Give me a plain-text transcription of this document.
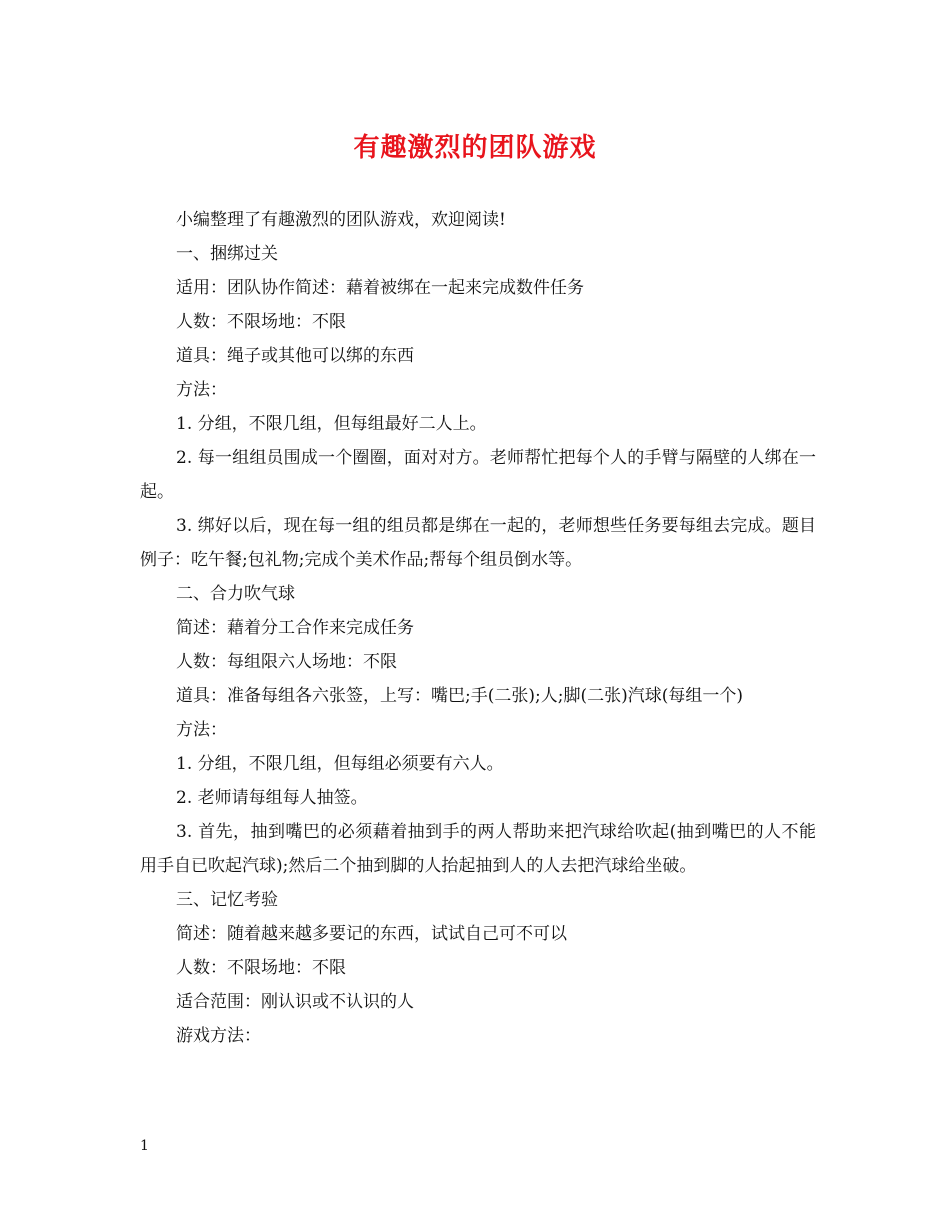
有趣激烈的团队游戏

小编整理了有趣激烈的团队游戏，欢迎阅读!

一、捆绑过关

适用：团队协作简述：藉着被绑在一起来完成数件任务

人数：不限场地：不限

道具：绳子或其他可以绑的东西

方法：

1. 分组，不限几组，但每组最好二人上。

2. 每一组组员围成一个圈圈，面对对方。老师帮忙把每个人的手臂与隔壁的人绑在一起。

3. 绑好以后，现在每一组的组员都是绑在一起的，老师想些任务要每组去完成。题目例子：吃午餐;包礼物;完成个美术作品;帮每个组员倒水等。

二、合力吹气球

简述：藉着分工合作来完成任务

人数：每组限六人场地：不限

道具：准备每组各六张签，上写：嘴巴;手(二张);人;脚(二张)汽球(每组一个)

方法：

1. 分组，不限几组，但每组必须要有六人。

2. 老师请每组每人抽签。

3. 首先，抽到嘴巴的必须藉着抽到手的两人帮助来把汽球给吹起(抽到嘴巴的人不能用手自已吹起汽球);然后二个抽到脚的人抬起抽到人的人去把汽球给坐破。

三、记忆考验

简述：随着越来越多要记的东西，试试自己可不可以

人数：不限场地：不限

适合范围：刚认识或不认识的人

游戏方法：

1
